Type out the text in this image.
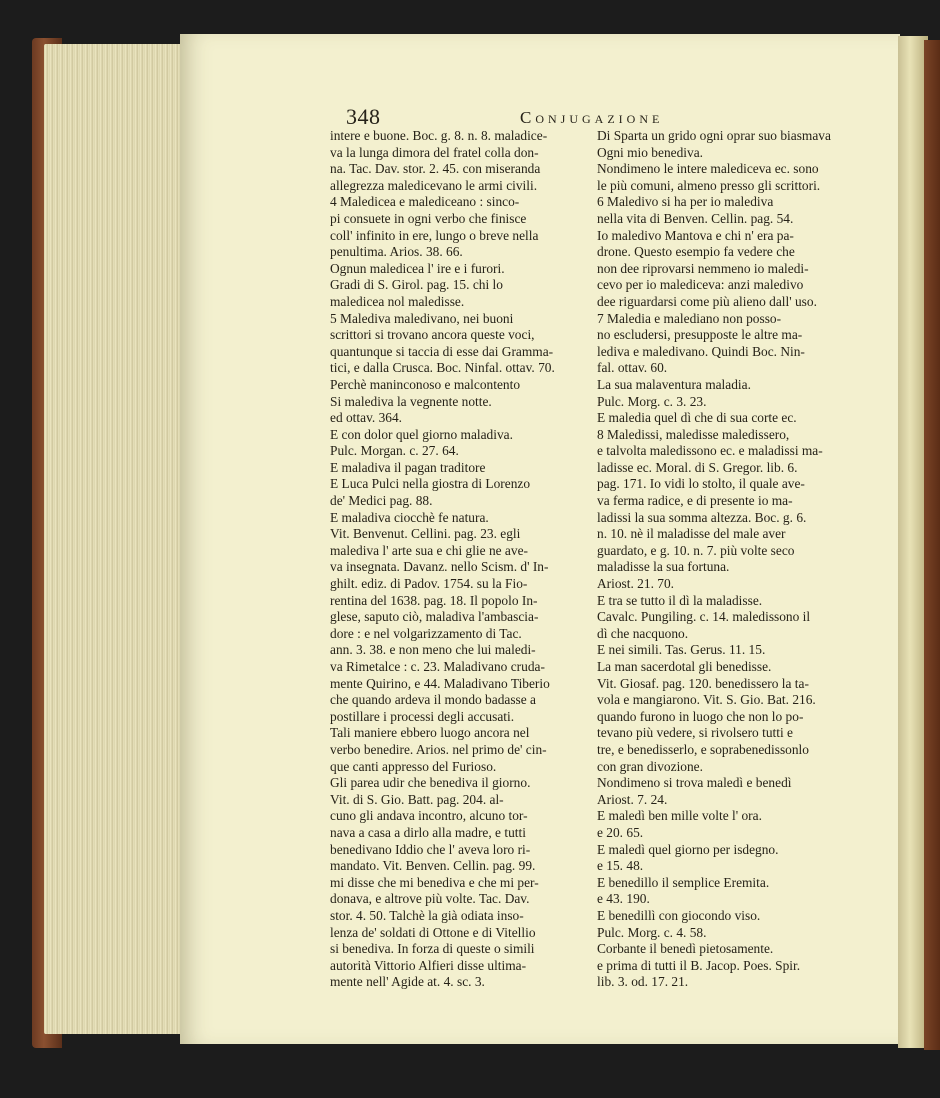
348	Conjugazione

intere e buone. Boc. g. 8. n. 8. maladice-

va la lunga dimora del fratel colla don-

na. Tac. Dav. stor. 2. 45. con miseranda

allegrezza maledicevano le armi civili.

4 Maledicea e malediceano : sinco-

pi consuete in ogni verbo che finisce

coll' infinito in ere, lungo o breve nella

penultima. Arios. 38. 66.

Ognun maledicea l' ire e i furori.

Gradi di S. Girol. pag. 15. chi lo

maledicea nol maledisse.

5 Malediva maledivano, nei buoni

scrittori si trovano ancora queste voci,

quantunque si taccia di esse dai Gramma-

tici, e dalla Crusca. Boc. Ninfal. ottav. 70.

Perchè maninconoso e malcontento

Si malediva la vegnente notte.

ed ottav. 364.

E con dolor quel giorno maladiva.

Pulc. Morgan. c. 27. 64.

E maladiva il pagan traditore

E Luca Pulci nella giostra di Lorenzo

de' Medici pag. 88.

E maladiva ciocchè fe natura.

Vit. Benvenut. Cellini. pag. 23. egli

malediva l' arte sua e chi glie ne ave-

va insegnata. Davanz. nello Scism. d' In-

ghilt. ediz. di Padov. 1754. su la Fio-

rentina del 1638. pag. 18. Il popolo In-

glese, saputo ciò, maladiva l'ambascia-

dore : e nel volgarizzamento di Tac.

ann. 3. 38. e non meno che lui maledi-

va Rimetalce : c. 23. Maladivano cruda-

mente Quirino, e 44. Maladivano Tiberio

che quando ardeva il mondo badasse a

postillare i processi degli accusati.

Tali maniere ebbero luogo ancora nel

verbo benedire. Arios. nel primo de' cin-

que canti appresso del Furioso.

Gli parea udir che benediva il giorno.

Vit. di S. Gio. Batt. pag. 204. al-

cuno gli andava incontro, alcuno tor-

nava a casa a dirlo alla madre, e tutti

benedivano Iddio che l' aveva loro ri-

mandato. Vit. Benven. Cellin. pag. 99.

mi disse che mi benediva e che mi per-

donava, e altrove più volte. Tac. Dav.

stor. 4. 50. Talchè la già odiata inso-

lenza de' soldati di Ottone e di Vitellio

si benediva. In forza di queste o simili

autorità Vittorio Alfieri disse ultima-

mente nell' Agide at. 4. sc. 3.

Di Sparta un grido ogni oprar suo biasmava

Ogni mio benediva.

Nondimeno le intere malediceva ec. sono

le più comuni, almeno presso gli scrittori.

6 Maledivo si ha per io malediva

nella vita di Benven. Cellin. pag. 54.

Io maledivo Mantova e chi n' era pa-

drone. Questo esempio fa vedere che

non dee riprovarsi nemmeno io maledi-

cevo per io malediceva: anzi maledivo

dee riguardarsi come più alieno dall' uso.

7 Maledia e malediano non posso-

no escludersi, presupposte le altre ma-

lediva e maledivano. Quindi Boc. Nin-

fal. ottav. 60.

La sua malaventura maladia.

Pulc. Morg. c. 3. 23.

E maledia quel dì che di sua corte ec.

8 Maledissi, maledisse maledissero,

e talvolta maledissono ec. e maladissi ma-

ladisse ec. Moral. di S. Gregor. lib. 6.

pag. 171. Io vidi lo stolto, il quale ave-

va ferma radice, e di presente io ma-

ladissi la sua somma altezza. Boc. g. 6.

n. 10. nè il maladisse del male aver

guardato, e g. 10. n. 7. più volte seco

maladisse la sua fortuna.

Ariost. 21. 70.

E tra se tutto il dì la maladisse.

Cavalc. Pungiling. c. 14. maledissono il

dì che nacquono.

E nei simili. Tas. Gerus. 11. 15.

La man sacerdotal gli benedisse.

Vit. Giosaf. pag. 120. benedissero la ta-

vola e mangiarono. Vit. S. Gio. Bat. 216.

quando furono in luogo che non lo po-

tevano più vedere, si rivolsero tutti e

tre, e benedisserlo, e soprabenedissonlo

con gran divozione.

Nondimeno si trova maledì e benedì

Ariost. 7. 24.

E maledì ben mille volte l' ora.

e 20. 65.

E maledì quel giorno per isdegno.

e 15. 48.

E benedillo il semplice Eremita.

e 43. 190.

E benedillì con giocondo viso.

Pulc. Morg. c. 4. 58.

Corbante il benedì pietosamente.

e prima di tutti il B. Jacop. Poes. Spir.

lib. 3. od. 17. 21.
